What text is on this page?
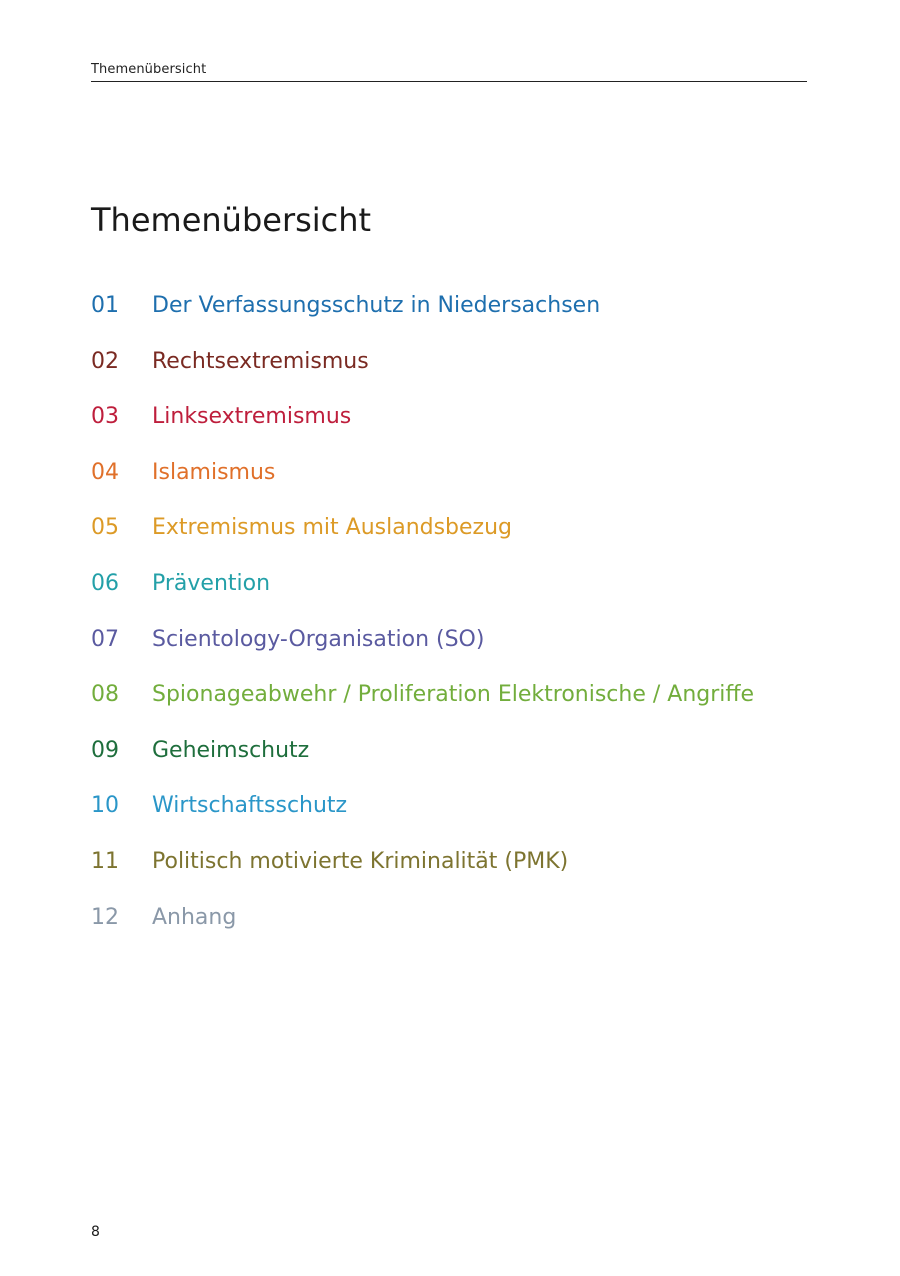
Themenübersicht
Themenübersicht
01	Der Verfassungsschutz in Niedersachsen
02	Rechtsextremismus
03	Linksextremismus
04	Islamismus
05	Extremismus mit Auslandsbezug
06	Prävention
07	Scientology-Organisation (SO)
08	Spionageabwehr / Proliferation Elektronische / Angriffe
09	Geheimschutz
10	Wirtschaftsschutz
11	Politisch motivierte Kriminalität (PMK)
12	Anhang
8
